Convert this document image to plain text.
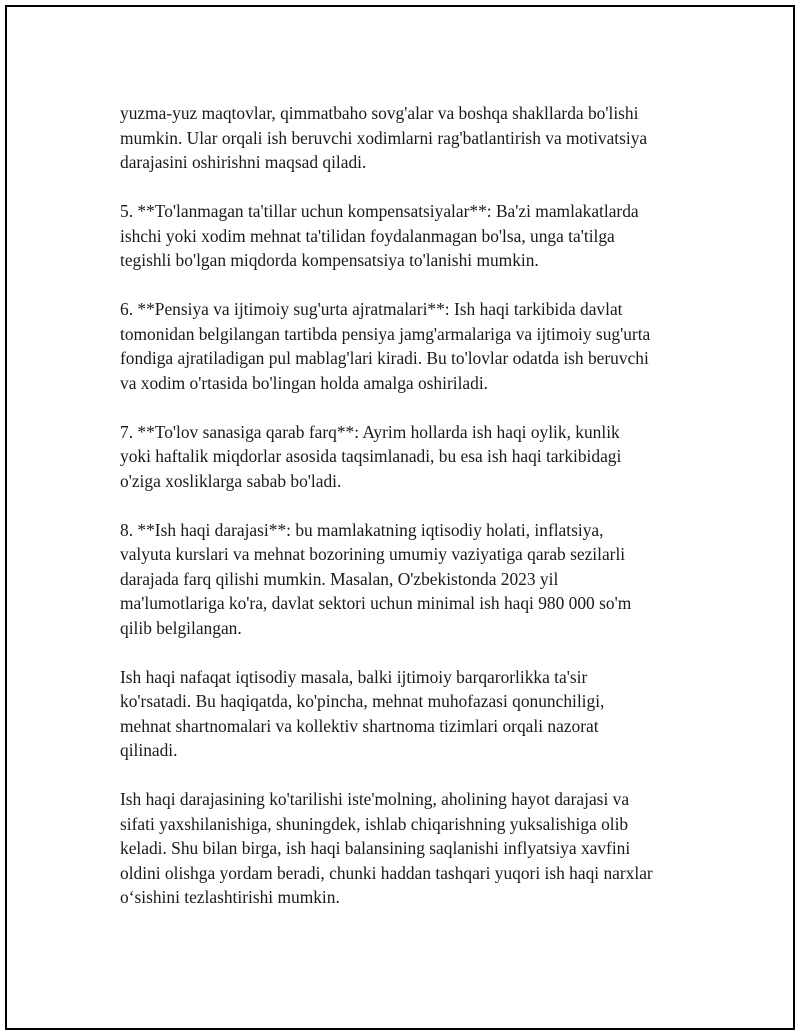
yuzma-yuz maqtovlar, qimmatbaho sovg'alar va boshqa shakllarda bo'lishi
mumkin. Ular orqali ish beruvchi xodimlarni rag'batlantirish va motivatsiya
darajasini oshirishni maqsad qiladi.

5. **To'lanmagan ta'tillar uchun kompensatsiyalar**: Ba'zi mamlakatlarda
ishchi yoki xodim mehnat ta'tilidan foydalanmagan bo'lsa, unga ta'tilga
tegishli bo'lgan miqdorda kompensatsiya to'lanishi mumkin.

6. **Pensiya va ijtimoiy sug'urta ajratmalari**: Ish haqi tarkibida davlat
tomonidan belgilangan tartibda pensiya jamg'armalariga va ijtimoiy sug'urta
fondiga ajratiladigan pul mablag'lari kiradi. Bu to'lovlar odatda ish beruvchi
va xodim o'rtasida bo'lingan holda amalga oshiriladi.

7. **To'lov sanasiga qarab farq**: Ayrim hollarda ish haqi oylik, kunlik
yoki haftalik miqdorlar asosida taqsimlanadi, bu esa ish haqi tarkibidagi
o'ziga xosliklarga sabab bo'ladi.

8. **Ish haqi darajasi**: bu mamlakatning iqtisodiy holati, inflatsiya,
valyuta kurslari va mehnat bozorining umumiy vaziyatiga qarab sezilarli
darajada farq qilishi mumkin. Masalan, O'zbekistonda 2023 yil
ma'lumotlariga ko'ra, davlat sektori uchun minimal ish haqi 980 000 so'm
qilib belgilangan.

Ish haqi nafaqat iqtisodiy masala, balki ijtimoiy barqarorlikka ta'sir
ko'rsatadi. Bu haqiqatda, ko'pincha, mehnat muhofazasi qonunchiligi,
mehnat shartnomalari va kollektiv shartnoma tizimlari orqali nazorat
qilinadi.

Ish haqi darajasining ko'tarilishi iste'molning, aholining hayot darajasi va
sifati yaxshilanishiga, shuningdek, ishlab chiqarishning yuksalishiga olib
keladi. Shu bilan birga, ish haqi balansining saqlanishi inflyatsiya xavfini
oldini olishga yordam beradi, chunki haddan tashqari yuqori ish haqi narxlar
o‘sishini tezlashtirishi mumkin.
